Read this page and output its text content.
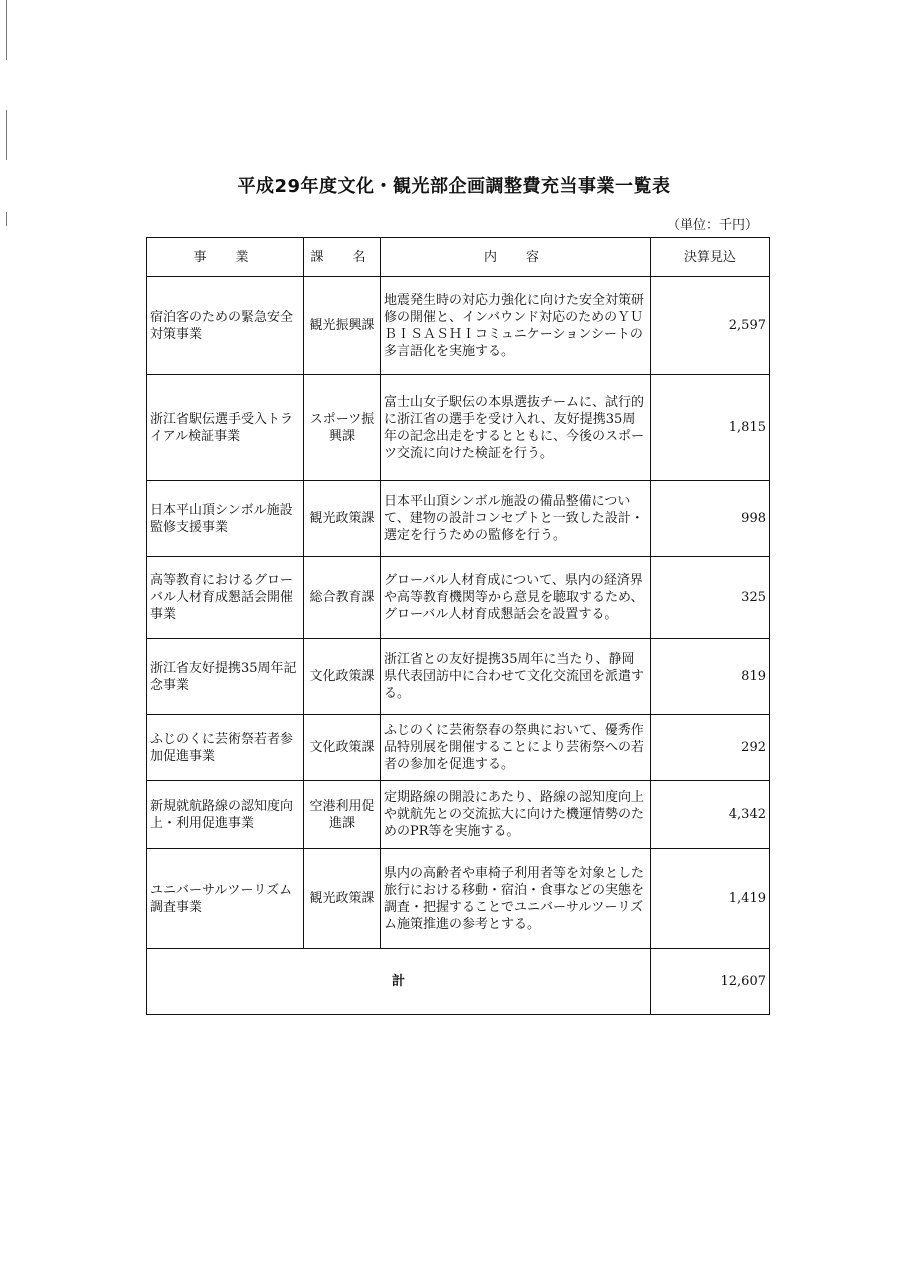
平成29年度文化・観光部企画調整費充当事業一覧表
（単位：千円）
事　業	課　名	内　容	決算見込
宿泊客のための緊急安全対策事業	観光振興課	地震発生時の対応力強化に向けた安全対策研修の開催と、インバウンド対応のためのＹＵＢＩＳＡＳＨＩコミュニケーションシートの多言語化を実施する。	2,597
浙江省駅伝選手受入トライアル検証事業	スポーツ振興課	富士山女子駅伝の本県選抜チームに、試行的に浙江省の選手を受け入れ、友好提携35周年の記念出走をするとともに、今後のスポーツ交流に向けた検証を行う。	1,815
日本平山頂シンボル施設監修支援事業	観光政策課	日本平山頂シンボル施設の備品整備について、建物の設計コンセプトと一致した設計・選定を行うための監修を行う。	998
高等教育におけるグローバル人材育成懇話会開催事業	総合教育課	グローバル人材育成について、県内の経済界や高等教育機関等から意見を聴取するため、グローバル人材育成懇話会を設置する。	325
浙江省友好提携35周年記念事業	文化政策課	浙江省との友好提携35周年に当たり、静岡県代表団訪中に合わせて文化交流団を派遣する。	819
ふじのくに芸術祭若者参加促進事業	文化政策課	ふじのくに芸術祭春の祭典において、優秀作品特別展を開催することにより芸術祭への若者の参加を促進する。	292
新規就航路線の認知度向上・利用促進事業	空港利用促進課	定期路線の開設にあたり、路線の認知度向上や就航先との交流拡大に向けた機運情勢のためのPR等を実施する。	4,342
ユニバーサルツーリズム調査事業	観光政策課	県内の高齢者や車椅子利用者等を対象とした旅行における移動・宿泊・食事などの実態を調査・把握することでユニバーサルツーリズム施策推進の参考とする。	1,419
計			12,607
